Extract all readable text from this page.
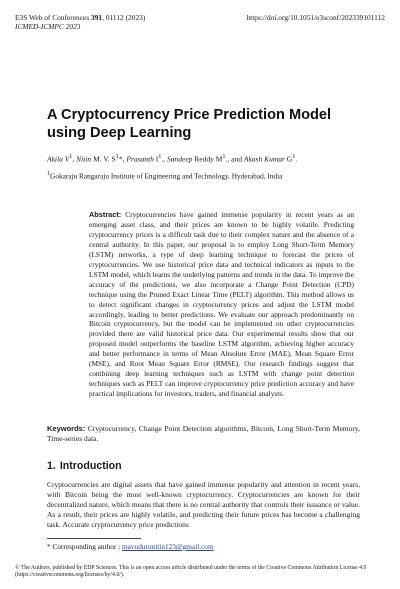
E3S Web of Conferences 391, 01112 (2023)
ICMED-ICMPC 2023
https://doi.org/10.1051/e3sconf/202339101112
A Cryptocurrency Price Prediction Model using Deep Learning
Akila $V^1$, Nitin M. V. $S^1*$, Prasanth $I^1$., Sandeep Reddy $M^1$., and Akash Kumar $G^1$.
$^1$Gokaraju Rangaraju Institute of Engineering and Technology, Hyderabad, India
Abstract: Cryptocurrencies have gained immense popularity in recent years as an emerging asset class, and their prices are known to be highly volatile. Predicting cryptocurrency prices is a difficult task due to their complex nature and the absence of a central authority. In this paper, our proposal is to employ Long Short-Term Memory (LSTM) networks, a type of deep learning technique to forecast the prices of cryptocurrencies. We use historical price data and technical indicators as inputs to the LSTM model, which learns the underlying patterns and trends in the data. To improve the accuracy of the predictions, we also incorporate a Change Point Detection (CPD) technique using the Pruned Exact Linear Time (PELT) algorithm. This method allows us to detect significant changes in cryptocurrency prices and adjust the LSTM model accordingly, leading to better predictions. We evaluate our approach predominantly on Bitcoin cryptocurrency, but the model can be implemented on other cryptocurrencies provided there are valid historical price data. Our experimental results show that our proposed model outperforms the baseline LSTM algorithm, achieving higher accuracy and better performance in terms of Mean Absolute Error (MAE), Mean Square Error (MSE), and Root Mean Square Error (RMSE). Our research findings suggest that combining deep learning techniques such as LSTM with change point detection techniques such as PELT can improve cryptocurrency price prediction accuracy and have practical implications for investors, traders, and financial analysts.
Keywords: Cryptocurrency, Change Point Detection algorithms, Bitcoin, Long Short-Term Memory, Time-series data.
1. Introduction
Cryptocurrencies are digital assets that have gained immense popularity and attention in recent years, with Bitcoin being the most well-known cryptocurrency. Cryptocurrencies are known for their decentralized nature, which means that there is no central authority that controls their issuance or value. As a result, their prices are highly volatile, and predicting their future prices has become a challenging task. Accurate cryptocurrency price predictions
* Corresponding author : mavudurunitin123@gmail.com
© The Authors, published by EDP Sciences. This is an open access article distributed under the terms of the Creative Commons Attribution License 4.0 (https://creativecommons.org/licenses/by/4.0/).
